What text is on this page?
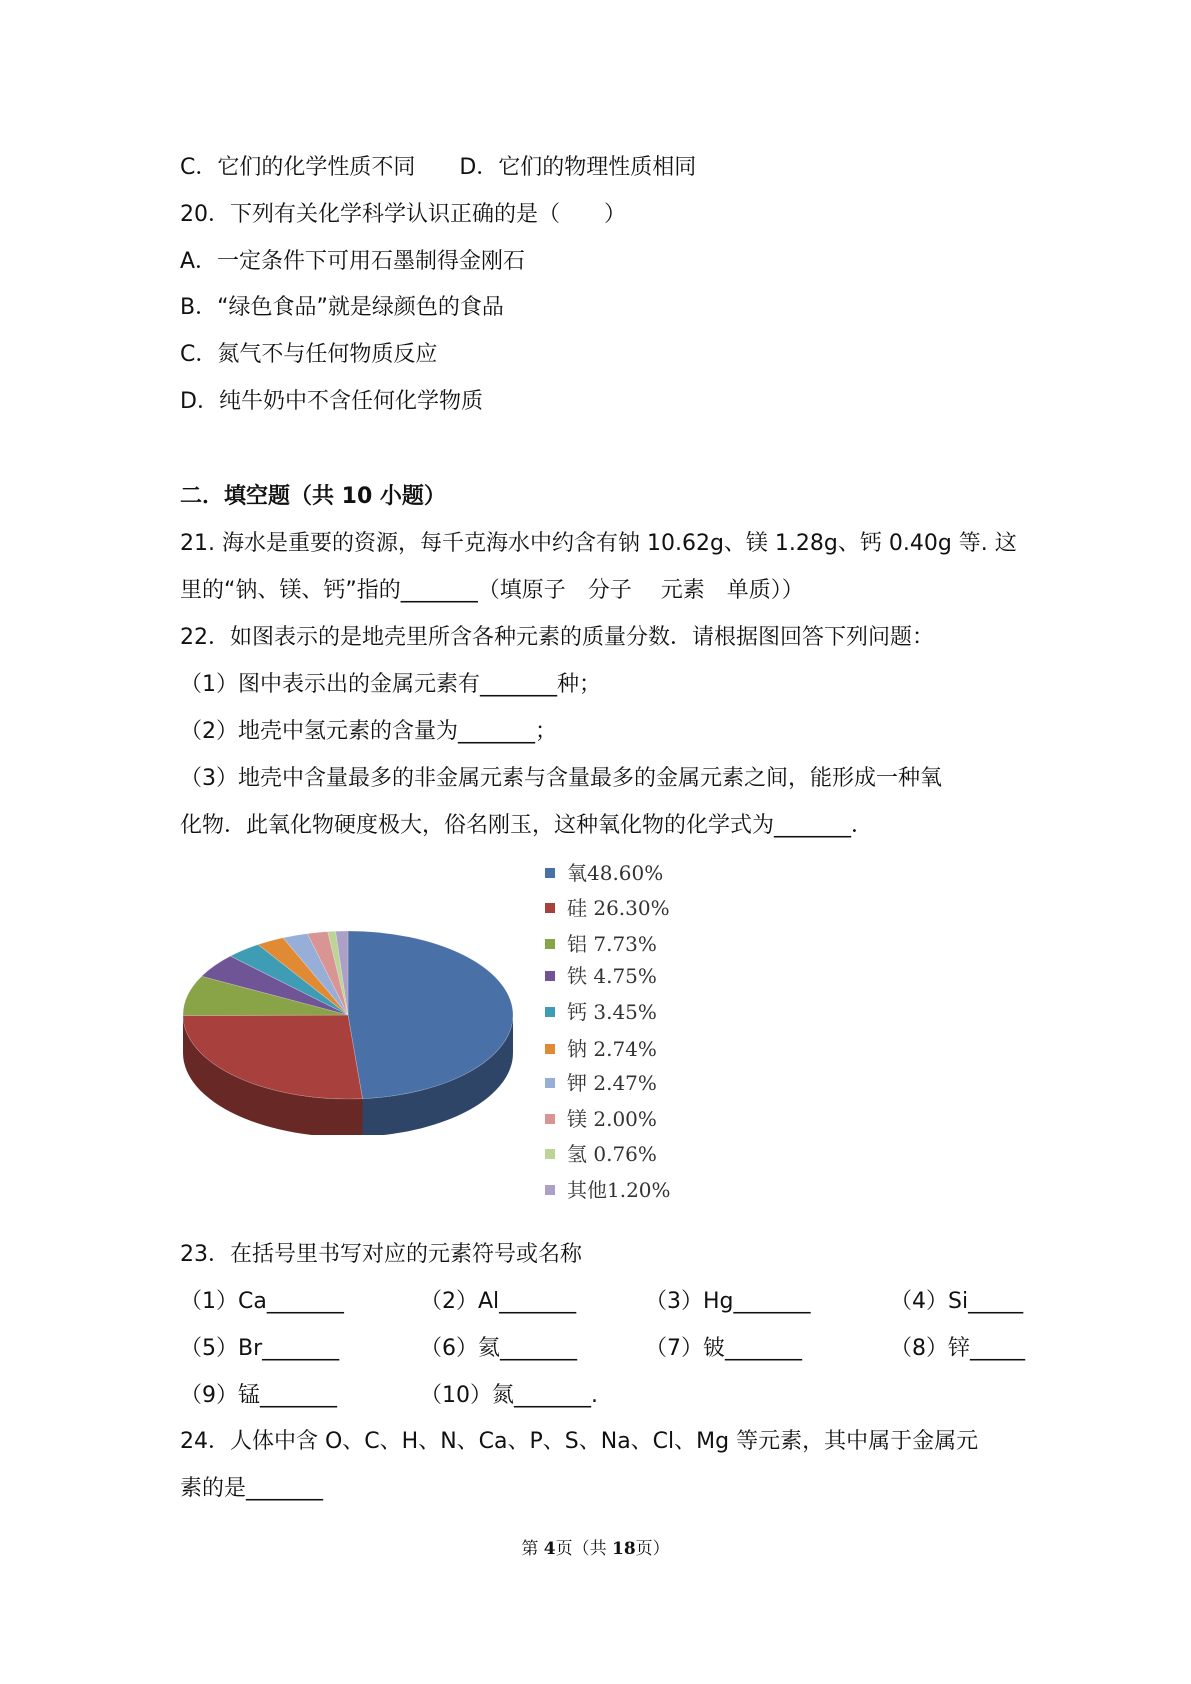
C．它们的化学性质不同　　D．它们的物理性质相同
20．下列有关化学科学认识正确的是（　　）
A．一定条件下可用石墨制得金刚石
B．“绿色食品”就是绿颜色的食品
C．氮气不与任何物质反应
D．纯牛奶中不含任何化学物质
二．填空题（共 10 小题）
21. 海水是重要的资源，每千克海水中约含有钠 10.62g、镁 1.28g、钙 0.40g 等. 这
里的“钠、镁、钙”指的_______（填原子　分子　 元素　单质））
22．如图表示的是地壳里所含各种元素的质量分数．请根据图回答下列问题：
（1）图中表示出的金属元素有_______种；
（2）地壳中氢元素的含量为_______；
（3）地壳中含量最多的非金属元素与含量最多的金属元素之间，能形成一种氧
化物．此氧化物硬度极大，俗名刚玉，这种氧化物的化学式为_______．
氧48.60%
硅 26.30%
铝 7.73%
铁 4.75%
钙 3.45%
钠 2.74%
钾 2.47%
镁 2.00%
氢 0.76%
其他1.20%
23．在括号里书写对应的元素符号或名称
（1）Ca_______	（2）Al_______	（3）Hg_______	（4）Si_____
（5）Br_______	（6）氦_______	（7）铍_______	（8）锌_____
（9）锰_______	（10）氮_______.
24．人体中含 O、C、H、N、Ca、P、S、Na、Cl、Mg 等元素，其中属于金属元
素的是_______
第 4页（共 18页）
